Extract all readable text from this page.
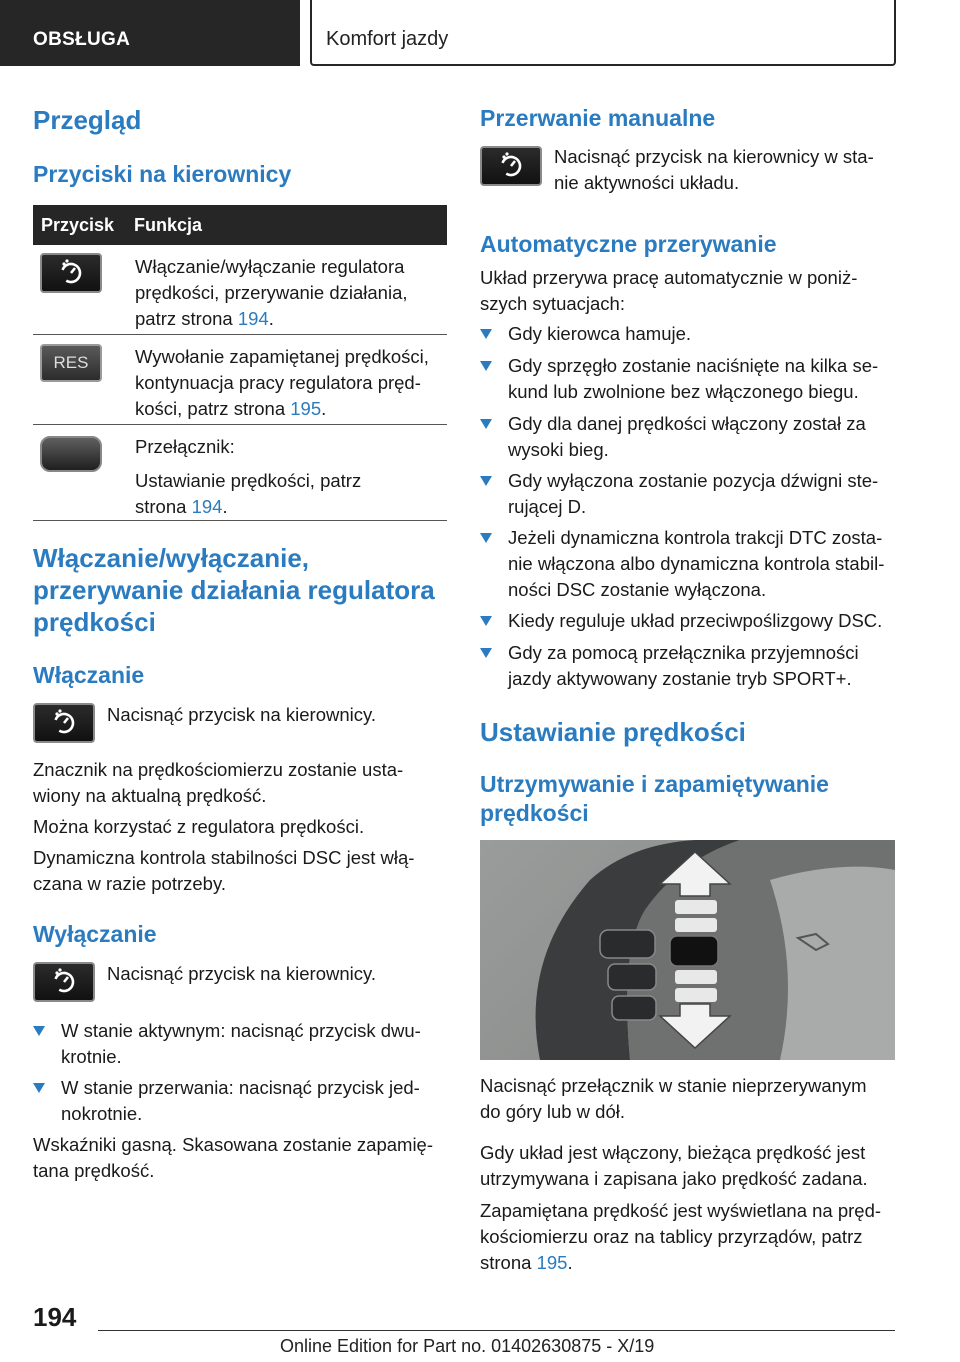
OBSŁUGA	Komfort jazdy
Przegląd
Przyciski na kierownicy
Przycisk Funkcja
Włączanie/wyłączanie regulatora
prędkości, przerywanie działania,
patrz strona 194.
RES	Wywołanie zapamiętanej prędkości,
kontynuacja pracy regulatora pręd-
kości, patrz strona 195.
Przełącznik:
Ustawianie prędkości, patrz
strona 194.
Włączanie/wyłączanie,
przerywanie działania regulatora
prędkości
Włączanie
Nacisnąć przycisk na kierownicy.
Znacznik na prędkościomierzu zostanie usta-
wiony na aktualną prędkość.
Można korzystać z regulatora prędkości.
Dynamiczna kontrola stabilności DSC jest włą-
czana w razie potrzeby.
Wyłączanie
Nacisnąć przycisk na kierownicy.
W stanie aktywnym: nacisnąć przycisk dwu-
krotnie.
W stanie przerwania: nacisnąć przycisk jed-
nokrotnie.
Wskaźniki gasną. Skasowana zostanie zapamię-
tana prędkość.
Przerwanie manualne
Nacisnąć przycisk na kierownicy w sta-
nie aktywności układu.
Automatyczne przerywanie
Układ przerywa pracę automatycznie w poniż-
szych sytuacjach:
Gdy kierowca hamuje.
Gdy sprzęgło zostanie naciśnięte na kilka se-
kund lub zwolnione bez włączonego biegu.
Gdy dla danej prędkości włączony został za
wysoki bieg.
Gdy wyłączona zostanie pozycja dźwigni ste-
rującej D.
Jeżeli dynamiczna kontrola trakcji DTC zosta-
nie włączona albo dynamiczna kontrola stabil-
ności DSC zostanie wyłączona.
Kiedy reguluje układ przeciwpoślizgowy DSC.
Gdy za pomocą przełącznika przyjemności
jazdy aktywowany zostanie tryb SPORT+.
Ustawianie prędkości
Utrzymywanie i zapamiętywanie
prędkości
Nacisnąć przełącznik w stanie nieprzerywanym
do góry lub w dół.
Gdy układ jest włączony, bieżąca prędkość jest
utrzymywana i zapisana jako prędkość zadana.
Zapamiętana prędkość jest wyświetlana na pręd-
kościomierzu oraz na tablicy przyrządów, patrz
strona 195.
194
Online Edition for Part no. 01402630875 - X/19
